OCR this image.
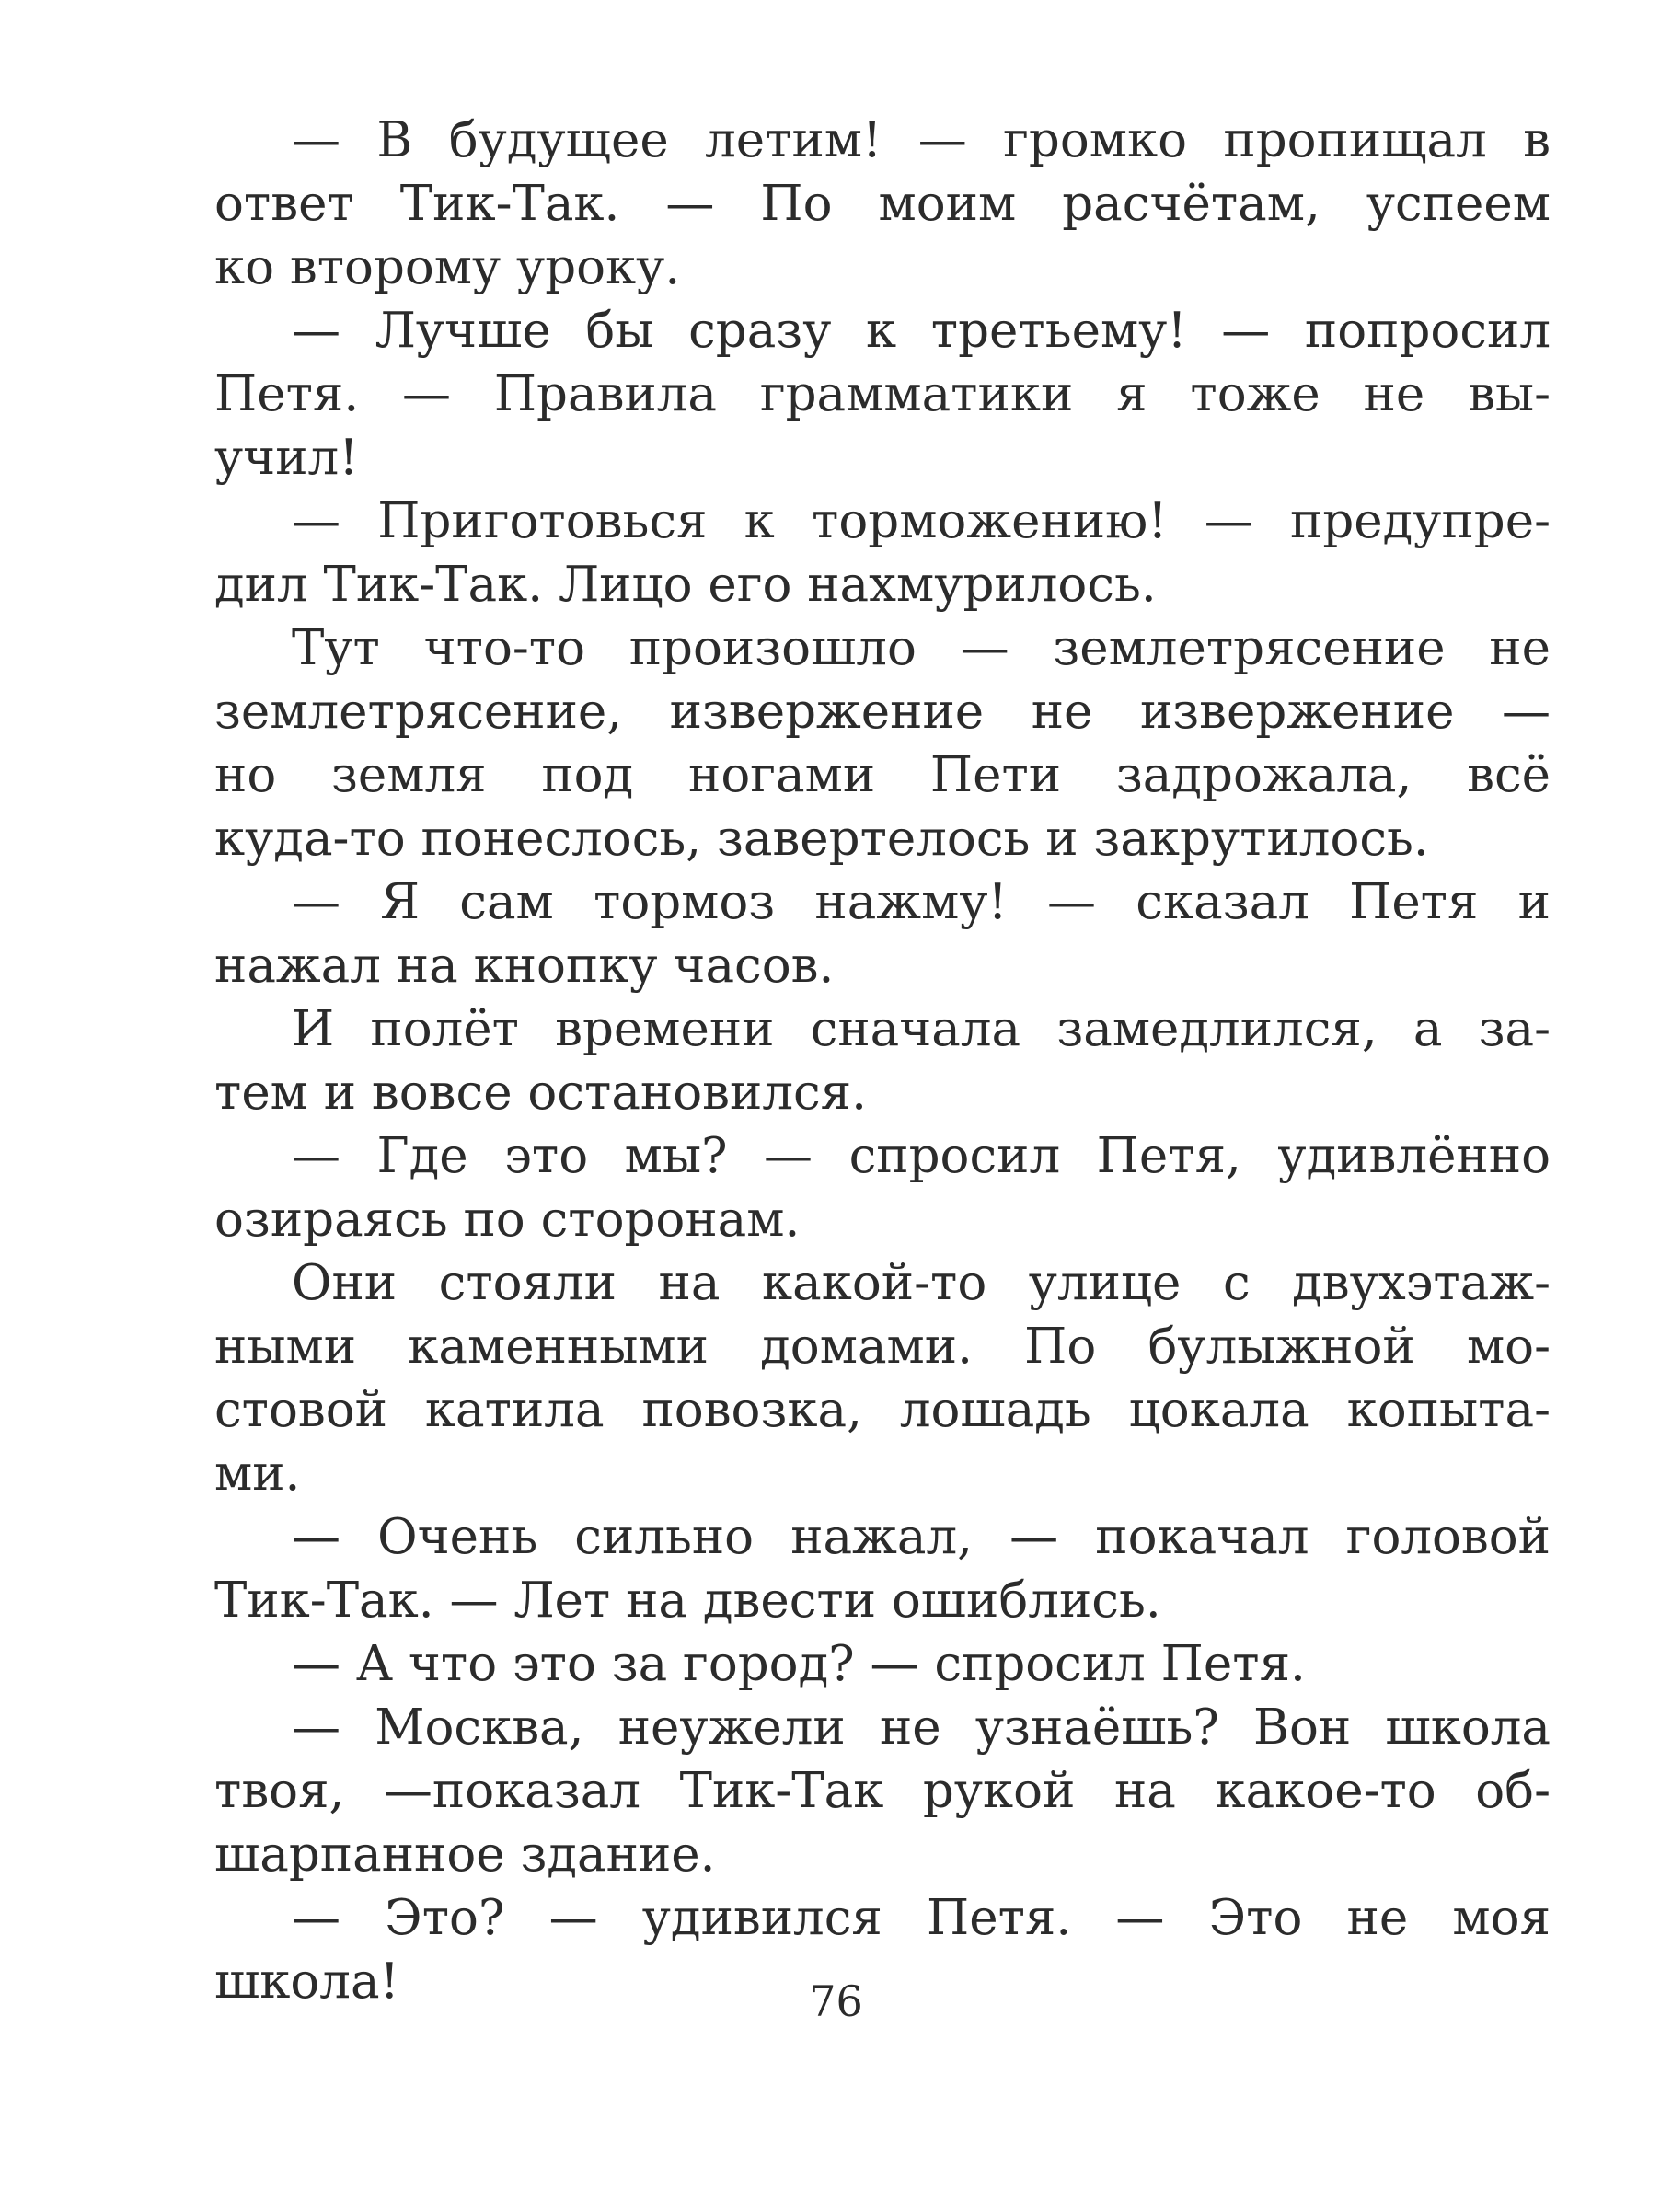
— В будущее летим! — громко пропищал в
ответ Тик-Так. — По моим расчётам, успеем
ко второму уроку.
— Лучше бы сразу к третьему! — попросил
Петя. — Правила грамматики я тоже не вы-
учил!
— Приготовься к торможению! — предупре-
дил Тик-Так. Лицо его нахмурилось.
Тут что-то произошло — землетрясение не
землетрясение, извержение не извержение —
но земля под ногами Пети задрожала, всё
куда-то понеслось, завертелось и закрутилось.
— Я сам тормоз нажму! — сказал Петя и
нажал на кнопку часов.
И полёт времени сначала замедлился, а за-
тем и вовсе остановился.
— Где это мы? — спросил Петя, удивлённо
озираясь по сторонам.
Они стояли на какой-то улице с двухэтаж-
ными каменными домами. По булыжной мо-
стовой катила повозка, лошадь цокала копыта-
ми.
— Очень сильно нажал, — покачал головой
Тик-Так. — Лет на двести ошиблись.
— А что это за город? — спросил Петя.
— Москва, неужели не узнаёшь? Вон школа
твоя, —показал Тик-Так рукой на какое-то об-
шарпанное здание.
— Это? — удивился Петя. — Это не моя
школа!	76
